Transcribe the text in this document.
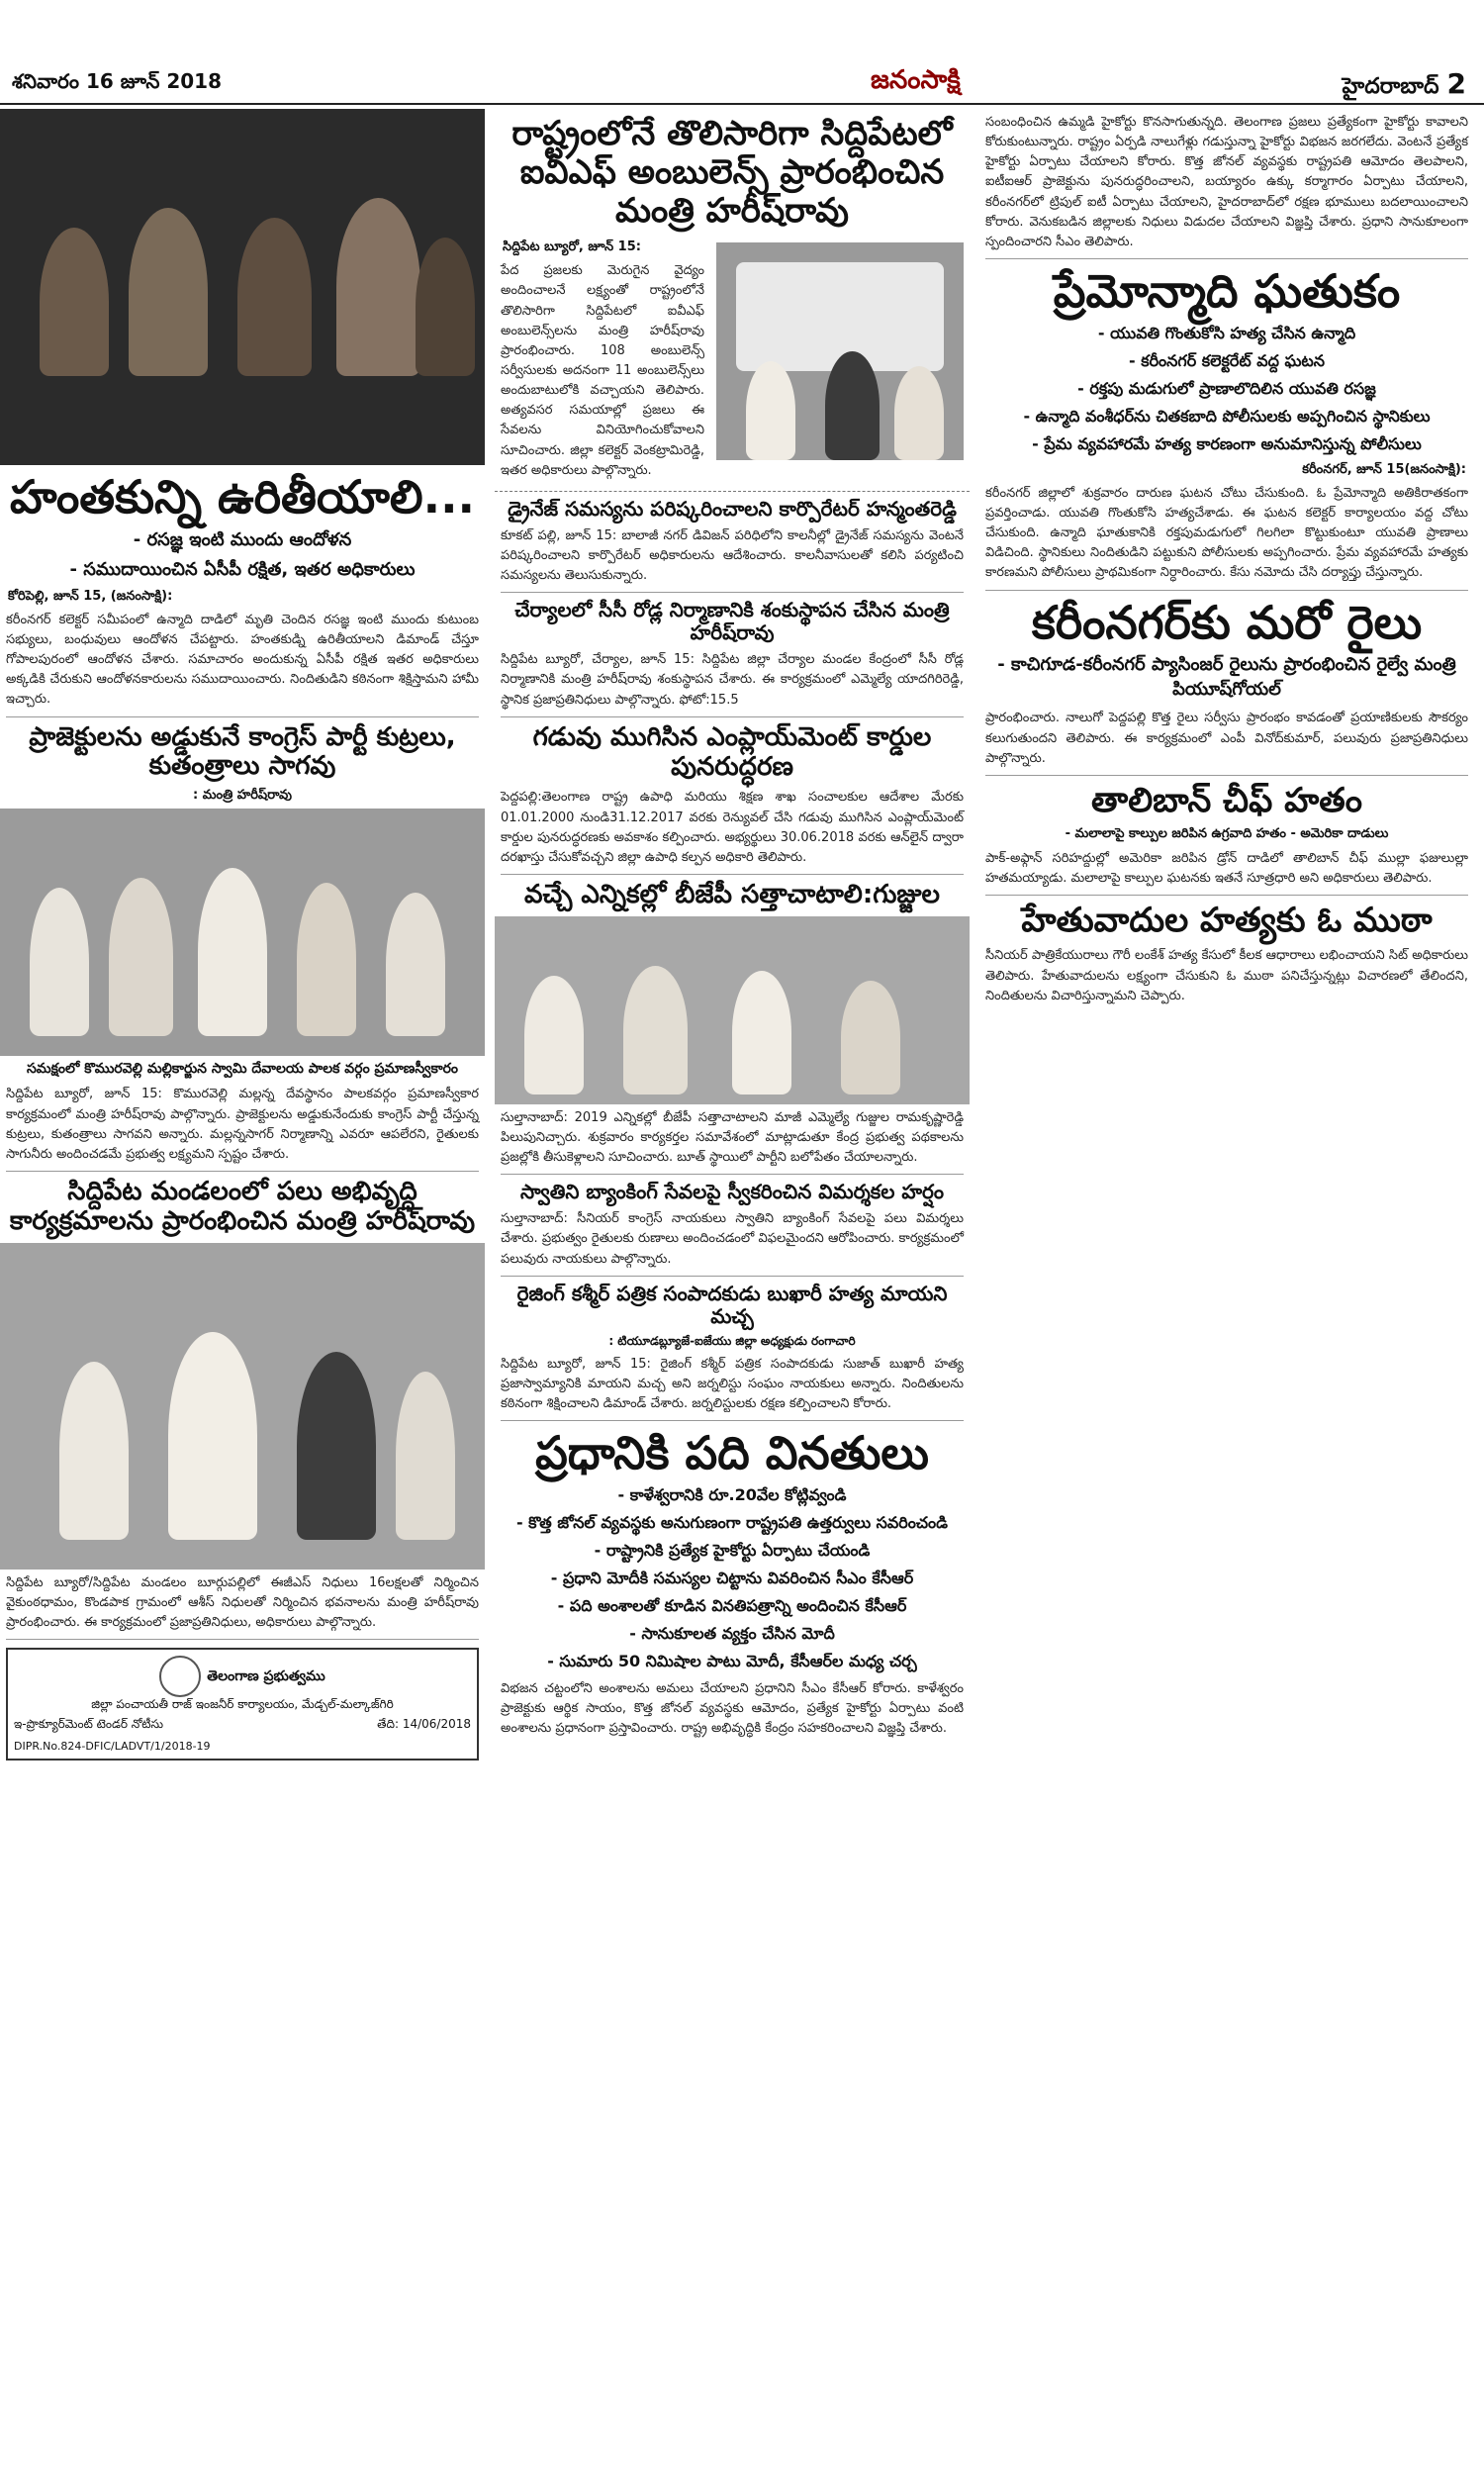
శనివారం 16 జూన్ 2018	జనంసాక్షి	హైదరాబాద్ 2
హంతకున్ని ఉరితీయాలి...
- రసజ్ఞ ఇంటి ముందు ఆందోళన
- సముదాయించిన ఏసీపీ రక్షిత, ఇతర అధికారులు
కోరిపెల్లి, జూన్ 15, (జనంసాక్షి):
కరీంనగర్ కలెక్టర్ సమీపంలో ఉన్మాది దాడిలో మృతి చెందిన రసజ్ఞ ఇంటి ముందు కుటుంబ సభ్యులు, బంధువులు ఆందోళన చేపట్టారు. హంతకుడ్ని ఉరితీయాలని డిమాండ్ చేస్తూ గోపాలపురంలో ఆందోళన చేశారు. సమాచారం అందుకున్న ఏసీపీ రక్షిత ఇతర అధికారులు అక్కడికి చేరుకుని ఆందోళనకారులను సముదాయించారు. నిందితుడిని కఠినంగా శిక్షిస్తామని హామీ ఇచ్చారు.
ప్రాజెక్టులను అడ్డుకునే కాంగ్రెస్ పార్టీ కుట్రలు, కుతంత్రాలు సాగవు
: మంత్రి హరీష్‌రావు
సమక్షంలో కొమురవెల్లి మల్లికార్జున స్వామి దేవాలయ పాలక వర్గం ప్రమాణస్వీకారం
సిద్దిపేట బ్యూరో, జూన్ 15: కొమురవెల్లి మల్లన్న దేవస్థానం పాలకవర్గం ప్రమాణస్వీకార కార్యక్రమంలో మంత్రి హరీష్‌రావు పాల్గొన్నారు. ప్రాజెక్టులను అడ్డుకునేందుకు కాంగ్రెస్ పార్టీ చేస్తున్న కుట్రలు, కుతంత్రాలు సాగవని అన్నారు. మల్లన్నసాగర్ నిర్మాణాన్ని ఎవరూ ఆపలేరని, రైతులకు సాగునీరు అందించడమే ప్రభుత్వ లక్ష్యమని స్పష్టం చేశారు.
సిద్దిపేట మండలంలో పలు అభివృద్ధి కార్యక్రమాలను ప్రారంభించిన మంత్రి హరీష్‌రావు
సిద్దిపేట బ్యూరో/సిద్దిపేట మండలం బూర్గుపల్లిలో ఈజీఎస్ నిధులు 16లక్షలతో నిర్మించిన వైకుంఠధామం, కొండపాక గ్రామంలో ఆశీస్ నిధులతో నిర్మించిన భవనాలను మంత్రి హరీష్‌రావు ప్రారంభించారు. ఈ కార్యక్రమంలో ప్రజాప్రతినిధులు, అధికారులు పాల్గొన్నారు.
తెలంగాణ ప్రభుత్వము
జిల్లా పంచాయతీ రాజ్ ఇంజనీర్ కార్యాలయం, మేడ్చల్-మల్కాజ్‌గిరి
ఇ-ప్రొక్యూర్‌మెంట్ టెండర్ నోటీసు	తేది: 14/06/2018
DIPR.No.824-DFIC/LADVT/1/2018-19
రాష్ట్రంలోనే తొలిసారిగా సిద్దిపేటలో ఐవీఎఫ్ అంబులెన్స్ ప్రారంభించిన మంత్రి హరీష్‌రావు
సిద్దిపేట బ్యూరో, జూన్ 15:
పేద ప్రజలకు మెరుగైన వైద్యం అందించాలనే లక్ష్యంతో రాష్ట్రంలోనే తొలిసారిగా సిద్దిపేటలో ఐవీఎఫ్ అంబులెన్స్‌లను మంత్రి హరీష్‌రావు ప్రారంభించారు. 108 అంబులెన్స్ సర్వీసులకు అదనంగా 11 అంబులెన్స్‌లు అందుబాటులోకి వచ్చాయని తెలిపారు. అత్యవసర సమయాల్లో ప్రజలు ఈ సేవలను వినియోగించుకోవాలని సూచించారు. జిల్లా కలెక్టర్ వెంకట్రామిరెడ్డి, ఇతర అధికారులు పాల్గొన్నారు.
డ్రైనేజ్ సమస్యను పరిష్కరించాలని కార్పొరేటర్ హన్మంతరెడ్డి
కూకట్ పల్లి, జూన్ 15: బాలాజీ నగర్ డివిజన్ పరిధిలోని కాలనీల్లో డ్రైనేజ్ సమస్యను వెంటనే పరిష్కరించాలని కార్పొరేటర్ అధికారులను ఆదేశించారు. కాలనీవాసులతో కలిసి పర్యటించి సమస్యలను తెలుసుకున్నారు.
చేర్యాలలో సీసీ రోడ్ల నిర్మాణానికి శంకుస్థాపన చేసిన మంత్రి హరీష్‌రావు
సిద్దిపేట బ్యూరో, చేర్యాల, జూన్ 15: సిద్దిపేట జిల్లా చేర్యాల మండల కేంద్రంలో సీసీ రోడ్ల నిర్మాణానికి మంత్రి హరీష్‌రావు శంకుస్థాపన చేశారు. ఈ కార్యక్రమంలో ఎమ్మెల్యే యాదగిరిరెడ్డి, స్థానిక ప్రజాప్రతినిధులు పాల్గొన్నారు. ఫోటో:15.5
గడువు ముగిసిన ఎంప్లాయ్‌మెంట్ కార్డుల పునరుద్ధరణ
పెద్దపల్లి:తెలంగాణ రాష్ట్ర ఉపాధి మరియు శిక్షణ శాఖ సంచాలకుల ఆదేశాల మేరకు 01.01.2000 నుండి31.12.2017 వరకు రెన్యువల్ చేసి గడువు ముగిసిన ఎంప్లాయ్‌మెంట్ కార్డుల పునరుద్ధరణకు అవకాశం కల్పించారు. అభ్యర్థులు 30.06.2018 వరకు ఆన్‌లైన్ ద్వారా దరఖాస్తు చేసుకోవచ్చని జిల్లా ఉపాధి కల్పన అధికారి తెలిపారు.
వచ్చే ఎన్నికల్లో బీజేపీ సత్తాచాటాలి:గుజ్జుల
సుల్తానాబాద్: 2019 ఎన్నికల్లో బీజేపీ సత్తాచాటాలని మాజీ ఎమ్మెల్యే గుజ్జుల రామకృష్ణారెడ్డి పిలుపునిచ్చారు. శుక్రవారం కార్యకర్తల సమావేశంలో మాట్లాడుతూ కేంద్ర ప్రభుత్వ పథకాలను ప్రజల్లోకి తీసుకెళ్లాలని సూచించారు. బూత్ స్థాయిలో పార్టీని బలోపేతం చేయాలన్నారు.
స్వాతిని బ్యాంకింగ్ సేవలపై స్వీకరించిన విమర్శకల హర్షం
సుల్తానాబాద్: సీనియర్ కాంగ్రెస్ నాయకులు స్వాతిని బ్యాంకింగ్ సేవలపై పలు విమర్శలు చేశారు. ప్రభుత్వం రైతులకు రుణాలు అందించడంలో విఫలమైందని ఆరోపించారు. కార్యక్రమంలో పలువురు నాయకులు పాల్గొన్నారు.
రైజింగ్ కశ్మీర్ పత్రిక సంపాదకుడు బుఖారీ హత్య మాయని మచ్చ
: టియూడబ్ల్యూజే-ఐజేయు జిల్లా అధ్యక్షుడు రంగాచారి
సిద్దిపేట బ్యూరో, జూన్ 15: రైజింగ్ కశ్మీర్ పత్రిక సంపాదకుడు సుజాత్ బుఖారీ హత్య ప్రజాస్వామ్యానికి మాయని మచ్చ అని జర్నలిస్టు సంఘం నాయకులు అన్నారు. నిందితులను కఠినంగా శిక్షించాలని డిమాండ్ చేశారు. జర్నలిస్టులకు రక్షణ కల్పించాలని కోరారు.
ప్రధానికి పది వినతులు
- కాళేశ్వరానికి రూ.20వేల కోట్లివ్వండి
- కొత్త జోనల్ వ్యవస్థకు అనుగుణంగా రాష్ట్రపతి ఉత్తర్వులు సవరించండి
- రాష్ట్రానికి ప్రత్యేక హైకోర్టు ఏర్పాటు చేయండి
- ప్రధాని మోదీకి సమస్యల చిట్టాను వివరించిన సీఎం కేసీఆర్
- పది అంశాలతో కూడిన వినతిపత్రాన్ని అందించిన కేసీఆర్
- సానుకూలత వ్యక్తం చేసిన మోదీ
- సుమారు 50 నిమిషాల పాటు మోదీ, కేసీఆర్‌ల మధ్య చర్చ
విభజన చట్టంలోని అంశాలను అమలు చేయాలని ప్రధానిని సీఎం కేసీఆర్ కోరారు. కాళేశ్వరం ప్రాజెక్టుకు ఆర్థిక సాయం, కొత్త జోనల్ వ్యవస్థకు ఆమోదం, ప్రత్యేక హైకోర్టు ఏర్పాటు వంటి అంశాలను ప్రధానంగా ప్రస్తావించారు. రాష్ట్ర అభివృద్ధికి కేంద్రం సహకరించాలని విజ్ఞప్తి చేశారు.
సంబంధించిన ఉమ్మడి హైకోర్టు కొనసాగుతున్నది. తెలంగాణ ప్రజలు ప్రత్యేకంగా హైకోర్టు కావాలని కోరుకుంటున్నారు. రాష్ట్రం ఏర్పడి నాలుగేళ్లు గడుస్తున్నా హైకోర్టు విభజన జరగలేదు. వెంటనే ప్రత్యేక హైకోర్టు ఏర్పాటు చేయాలని కోరారు. కొత్త జోనల్ వ్యవస్థకు రాష్ట్రపతి ఆమోదం తెలపాలని, ఐటీఐఆర్ ప్రాజెక్టును పునరుద్ధరించాలని, బయ్యారం ఉక్కు కర్మాగారం ఏర్పాటు చేయాలని, కరీంనగర్‌లో ట్రిపుల్ ఐటీ ఏర్పాటు చేయాలని, హైదరాబాద్‌లో రక్షణ భూములు బదలాయించాలని కోరారు. వెనుకబడిన జిల్లాలకు నిధులు విడుదల చేయాలని విజ్ఞప్తి చేశారు. ప్రధాని సానుకూలంగా స్పందించారని సీఎం తెలిపారు.
ప్రేమోన్మాది ఘతుకం
- యువతి గొంతుకోసి హత్య చేసిన ఉన్మాది
- కరీంనగర్ కలెక్టరేట్ వద్ద ఘటన
- రక్తపు మడుగులో ప్రాణాలొదిలిన యువతి రసజ్ఞ
- ఉన్మాది వంశీధర్‌ను చితకబాది పోలీసులకు అప్పగించిన స్థానికులు
- ప్రేమ వ్యవహారమే హత్య కారణంగా అనుమానిస్తున్న పోలీసులు
కరీంనగర్, జూన్ 15(జనంసాక్షి):
కరీంనగర్ జిల్లాలో శుక్రవారం దారుణ ఘటన చోటు చేసుకుంది. ఓ ప్రేమోన్మాది అతికిరాతకంగా ప్రవర్తించాడు. యువతి గొంతుకోసి హత్యచేశాడు. ఈ ఘటన కలెక్టర్ కార్యాలయం వద్ద చోటు చేసుకుంది. ఉన్మాది ఘాతుకానికి రక్తపుమడుగులో గిలగిలా కొట్టుకుంటూ యువతి ప్రాణాలు విడిచింది. స్థానికులు నిందితుడిని పట్టుకుని పోలీసులకు అప్పగించారు. ప్రేమ వ్యవహారమే హత్యకు కారణమని పోలీసులు ప్రాథమికంగా నిర్ధారించారు. కేసు నమోదు చేసి దర్యాప్తు చేస్తున్నారు.
కరీంనగర్‌కు మరో రైలు
- కాచిగూడ-కరీంనగర్ ప్యాసింజర్ రైలును ప్రారంభించిన రైల్వే మంత్రి పియూష్‌గోయల్
ప్రారంభించారు. నాలుగో పెద్దపల్లి కొత్త రైలు సర్వీసు ప్రారంభం కావడంతో ప్రయాణికులకు సౌకర్యం కలుగుతుందని తెలిపారు. ఈ కార్యక్రమంలో ఎంపీ వినోద్‌కుమార్, పలువురు ప్రజాప్రతినిధులు పాల్గొన్నారు.
తాలిబాన్ చీఫ్ హతం
- మలాలాపై కాల్పుల జరిపిన ఉగ్రవాది హతం - అమెరికా దాడులు
పాక్-అఫ్గాన్ సరిహద్దుల్లో అమెరికా జరిపిన డ్రోన్ దాడిలో తాలిబాన్ చీఫ్ ముల్లా ఫజులుల్లా హతమయ్యాడు. మలాలాపై కాల్పుల ఘటనకు ఇతనే సూత్రధారి అని అధికారులు తెలిపారు.
హేతువాదుల హత్యకు ఓ ముఠా
సీనియర్ పాత్రికేయురాలు గౌరీ లంకేశ్ హత్య కేసులో కీలక ఆధారాలు లభించాయని సిట్ అధికారులు తెలిపారు. హేతువాదులను లక్ష్యంగా చేసుకుని ఓ ముఠా పనిచేస్తున్నట్లు విచారణలో తేలిందని, నిందితులను విచారిస్తున్నామని చెప్పారు.
